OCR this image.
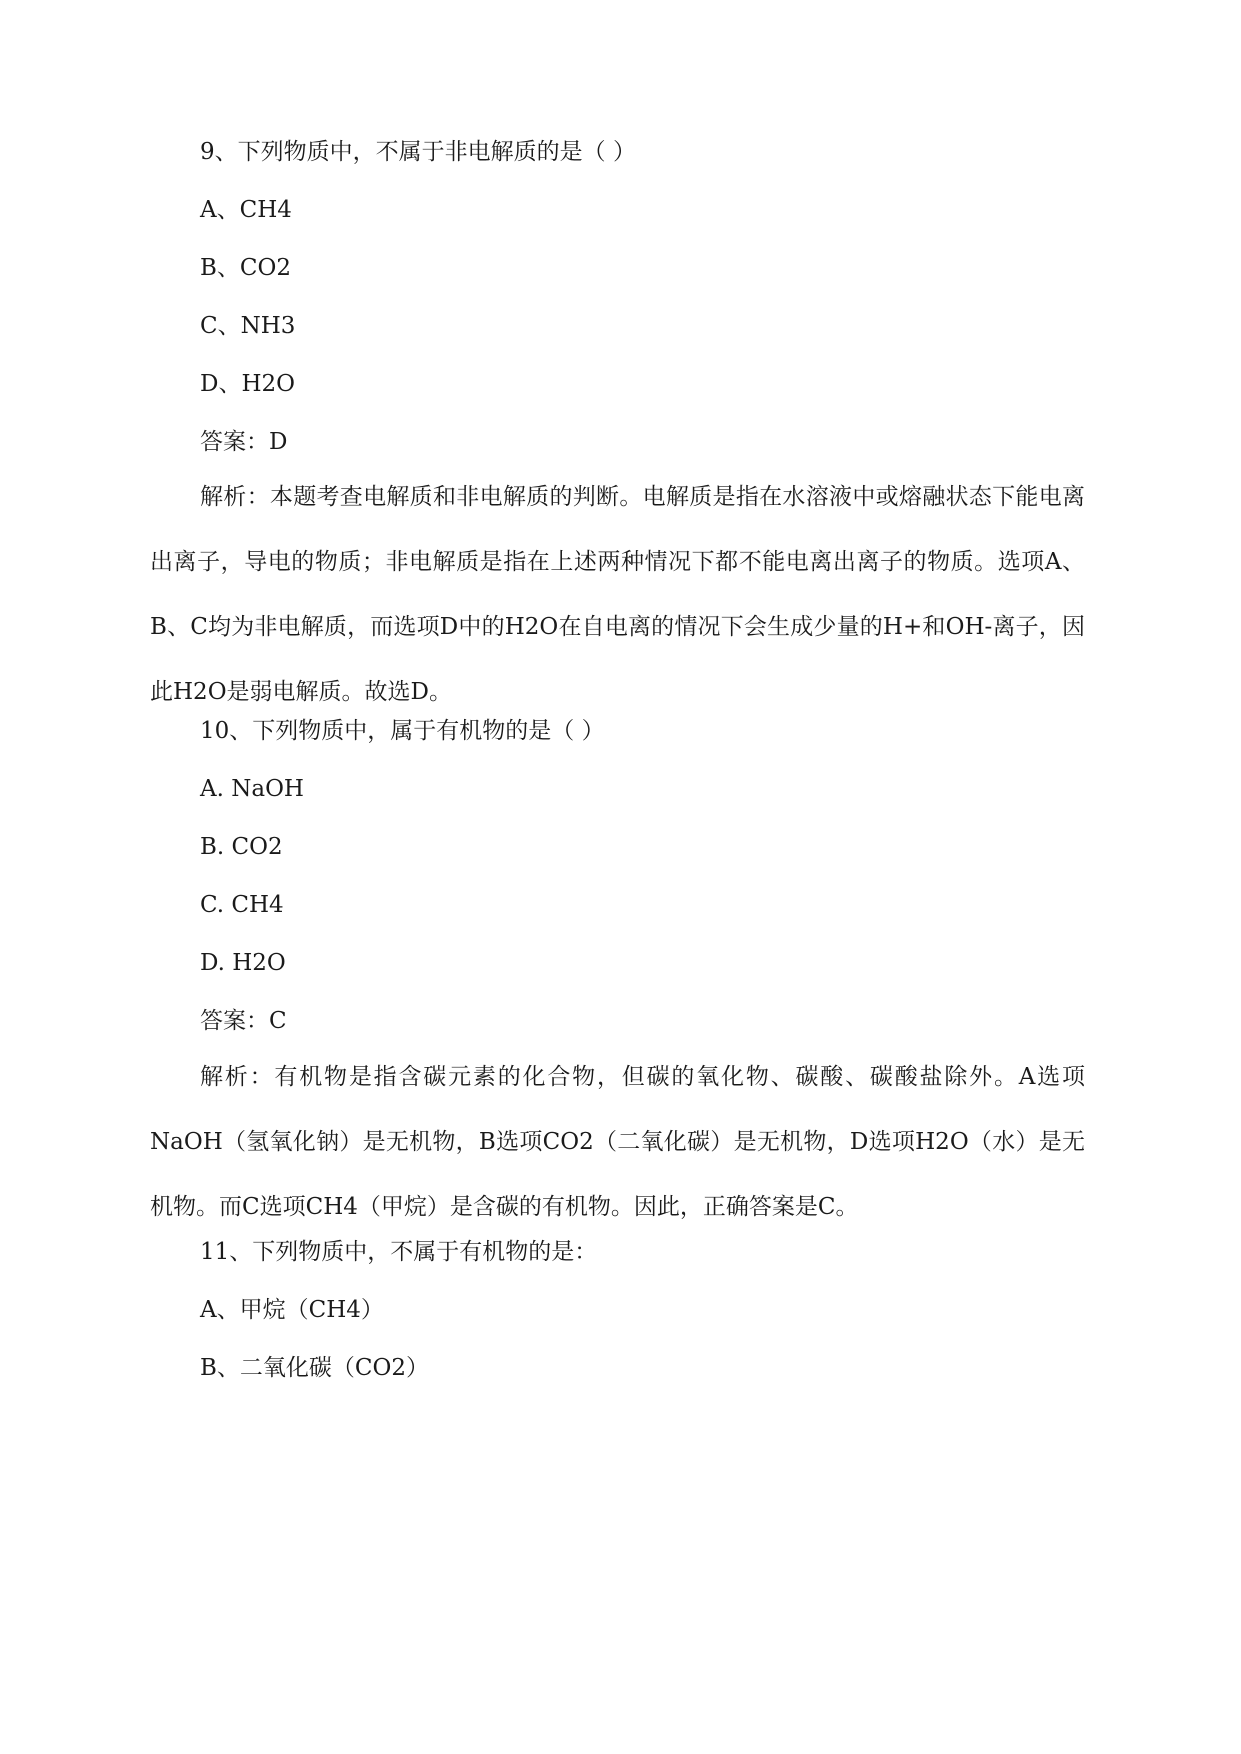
9、下列物质中，不属于非电解质的是（ ）
A、CH4
B、CO2
C、NH3
D、H2O
答案：D
解析：本题考查电解质和非电解质的判断。电解质是指在水溶液中或熔融状态下能电离出离子，导电的物质；非电解质是指在上述两种情况下都不能电离出离子的物质。选项A、B、C均为非电解质，而选项D中的H2O在自电离的情况下会生成少量的H+和OH-离子，因此H2O是弱电解质。故选D。
10、下列物质中，属于有机物的是（ ）
A. NaOH
B. CO2
C. CH4
D. H2O
答案：C
解析：有机物是指含碳元素的化合物，但碳的氧化物、碳酸、碳酸盐除外。A选项NaOH（氢氧化钠）是无机物，B选项CO2（二氧化碳）是无机物，D选项H2O（水）是无机物。而C选项CH4（甲烷）是含碳的有机物。因此，正确答案是C。
11、下列物质中，不属于有机物的是：
A、甲烷（CH4）
B、二氧化碳（CO2）
